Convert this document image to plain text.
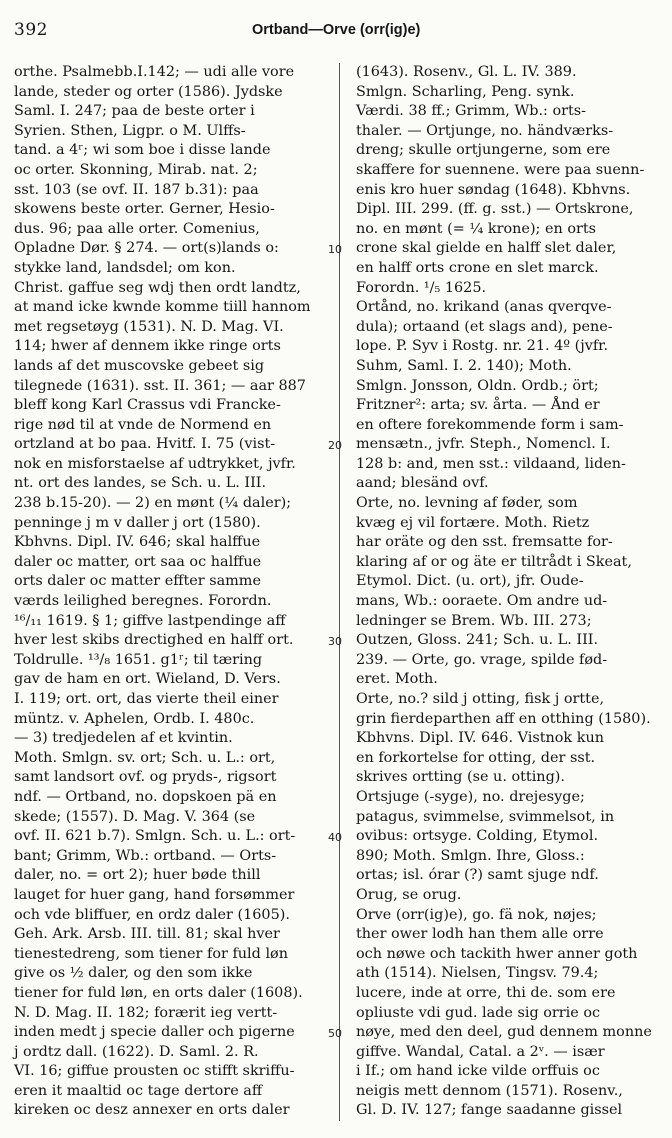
392	Ortband—Orve (orr(ig)e)
orthe. Psalmebb.I.142; — udi alle vore
lande, steder og orter (1586). Jydske
Saml. I. 247; paa de beste orter i
Syrien. Sthen, Ligpr. o M. Ulffs-
tand. a 4ʳ; wi som boe i disse lande
oc orter. Skonning, Mirab. nat. 2;
sst. 103 (se ovf. II. 187 b.31): paa
skowens beste orter. Gerner, Hesio-
dus. 96; paa alle orter. Comenius,
Opladne Dør. § 274. — ort(s)lands o:
stykke land, landsdel; om kon.
Christ. gaffue seg wdj then ordt landtz,
at mand icke kwnde komme tiill hannom
met regsetøyg (1531). N. D. Mag. VI.
114; hwer af dennem ikke ringe orts
lands af det muscovske gebeet sig
tilegnede (1631). sst. II. 361; — aar 887
bleff kong Karl Crassus vdi Francke-
rige nød til at vnde de Normend en
ortzland at bo paa. Hvitf. I. 75 (vist-
nok en misforstaelse af udtrykket, jvfr.
nt. ort des landes, se Sch. u. L. III.
238 b.15-20). — 2) en mønt (¼ daler);
penninge j m v daller j ort (1580).
Kbhvns. Dipl. IV. 646; skal halffue
daler oc matter, ort saa oc halffue
orts daler oc matter effter samme
værds leilighed beregnes. Forordn.
¹⁶/₁₁ 1619. § 1; giffve lastpendinge aff
hver lest skibs drectighed en halff ort.
Toldrulle. ¹³/₈ 1651. g1ʳ; til tæring
gav de ham en ort. Wieland, D. Vers.
I. 119; ort. ort, das vierte theil einer
müntz. v. Aphelen, Ordb. I. 480c.
— 3) tredjedelen af et kvintin.
Moth. Smlgn. sv. ort; Sch. u. L.: ort,
samt landsort ovf. og pryds-, rigsort
ndf. — Ortband, no. dopskoen pä en
skede; (1557). D. Mag. V. 364 (se
ovf. II. 621 b.7). Smlgn. Sch. u. L.: ort-
bant; Grimm, Wb.: ortband. — Orts-
daler, no. = ort 2); huer bøde thill
lauget for huer gang, hand forsømmer
och vde bliffuer, en ordz daler (1605).
Geh. Ark. Arsb. III. till. 81; skal hver
tienestedreng, som tiener for fuld løn
give os ½ daler, og den som ikke
tiener for fuld løn, en orts daler (1608).
N. D. Mag. II. 182; forærit ieg vertt-
inden medt j specie daller och pigerne
j ordtz dall. (1622). D. Saml. 2. R.
VI. 16; giffue prousten oc stifft skriffu-
eren it maaltid oc tage dertore aff
kireken oc desz annexer en orts daler
(1643). Rosenv., Gl. L. IV. 389.
Smlgn. Scharling, Peng. synk.
Værdi. 38 ff.; Grimm, Wb.: orts-
thaler. — Ortjunge, no. händværks-
dreng; skulle ortjungerne, som ere
skaffere for suennene. were paa suenn-
enis kro huer søndag (1648). Kbhvns.
Dipl. III. 299. (ff. g. sst.) — Ortskrone,
no. en mønt (= ¼ krone); en orts
crone skal gielde en halff slet daler,
en halff orts crone en slet marck.
Forordn. ¹/₅ 1625.
Ortånd, no. krikand (anas qverqve-
dula); ortaand (et slags and), pene-
lope. P. Syv i Rostg. nr. 21. 4º (jvfr.
Suhm, Saml. I. 2. 140); Moth.
Smlgn. Jonsson, Oldn. Ordb.; ört;
Fritzner²: arta; sv. årta. — Ånd er
en oftere forekommende form i sam-
mensætn., jvfr. Steph., Nomencl. I.
128 b: and, men sst.: vildaand, liden-
aand; blesänd ovf.
Orte, no. levning af føder, som
kvæg ej vil fortære. Moth. Rietz
har oräte og den sst. fremsatte for-
klaring af or og äte er tiltrådt i Skeat,
Etymol. Dict. (u. ort), jfr. Oude-
mans, Wb.: ooraete. Om andre ud-
ledninger se Brem. Wb. III. 273;
Outzen, Gloss. 241; Sch. u. L. III.
239. — Orte, go. vrage, spilde fød-
eret. Moth.
Orte, no.? sild j otting, fisk j ortte,
grin fierdeparthen aff en otthing (1580).
Kbhvns. Dipl. IV. 646. Vistnok kun
en forkortelse for otting, der sst.
skrives ortting (se u. otting).
Ortsjuge (-syge), no. drejesyge;
patagus, svimmelse, svimmelsot, in
ovibus: ortsyge. Colding, Etymol.
890; Moth. Smlgn. Ihre, Gloss.:
ortas; isl. órar (?) samt sjuge ndf.
Orug, se orug.
Orve (orr(ig)e), go. fä nok, nøjes;
ther ower lodh han them alle orre
och nøwe och tackith hwer anner goth
ath (1514). Nielsen, Tingsv. 79.4;
lucere, inde at orre, thi de. som ere
opliuste vdi gud. lade sig orrie oc
nøye, med den deel, gud dennem monne
giffve. Wandal, Catal. a 2ᵛ. — især
i If.; om hand icke vilde orffuis oc
neigis mett dennom (1571). Rosenv.,
Gl. D. IV. 127; fange saadanne gissel
10
20
30
40
50
